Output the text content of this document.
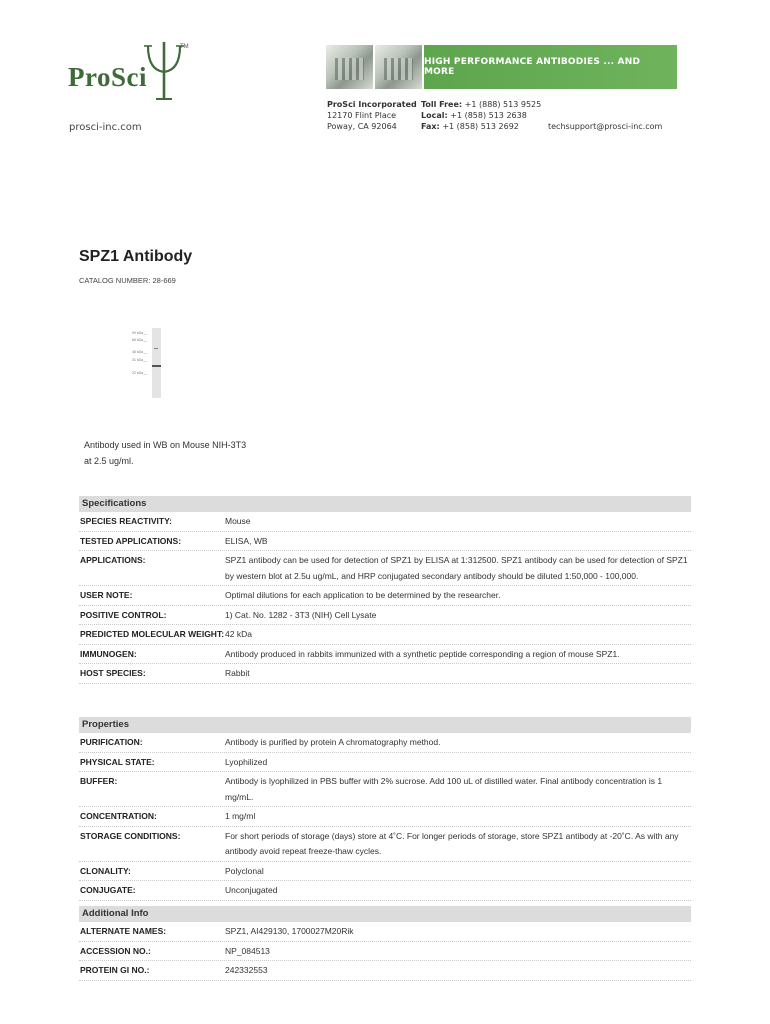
TM
ProSci
prosci-inc.com
HIGH PERFORMANCE ANTIBODIES ... AND MORE
ProSci Incorporated
12170 Flint Place
Poway, CA 92064
Toll Free: +1 (888) 513 9525
Local: +1 (858) 513 2638
Fax: +1 (858) 513 2692	techsupport@prosci-inc.com
SPZ1 Antibody
CATALOG NUMBER: 28-669
90 kDa__
66 kDa__
46 kDa__
31 kDa__
22 kDa__
Antibody used in WB on Mouse NIH-3T3
at 2.5 ug/ml.
Specifications
SPECIES REACTIVITY:	Mouse
TESTED APPLICATIONS:	ELISA, WB
APPLICATIONS:	SPZ1 antibody can be used for detection of SPZ1 by ELISA at 1:312500. SPZ1 antibody can be used for detection of SPZ1 by western blot at 2.5u ug/mL, and HRP conjugated secondary antibody should be diluted 1:50,000 - 100,000.
USER NOTE:	Optimal dilutions for each application to be determined by the researcher.
POSITIVE CONTROL:	1) Cat. No. 1282 - 3T3 (NIH) Cell Lysate
PREDICTED MOLECULAR WEIGHT: 42 kDa
IMMUNOGEN:	Antibody produced in rabbits immunized with a synthetic peptide corresponding a region of mouse SPZ1.
HOST SPECIES:	Rabbit
Properties
PURIFICATION:	Antibody is purified by protein A chromatography method.
PHYSICAL STATE:	Lyophilized
BUFFER:	Antibody is lyophilized in PBS buffer with 2% sucrose. Add 100 uL of distilled water. Final antibody concentration is 1 mg/mL.
CONCENTRATION:	1 mg/ml
STORAGE CONDITIONS:	For short periods of storage (days) store at 4˚C. For longer periods of storage, store SPZ1 antibody at -20˚C. As with any antibody avoid repeat freeze-thaw cycles.
CLONALITY:	Polyclonal
CONJUGATE:	Unconjugated
Additional Info
ALTERNATE NAMES:	SPZ1, AI429130, 1700027M20Rik
ACCESSION NO.:	NP_084513
PROTEIN GI NO.:	242332553
